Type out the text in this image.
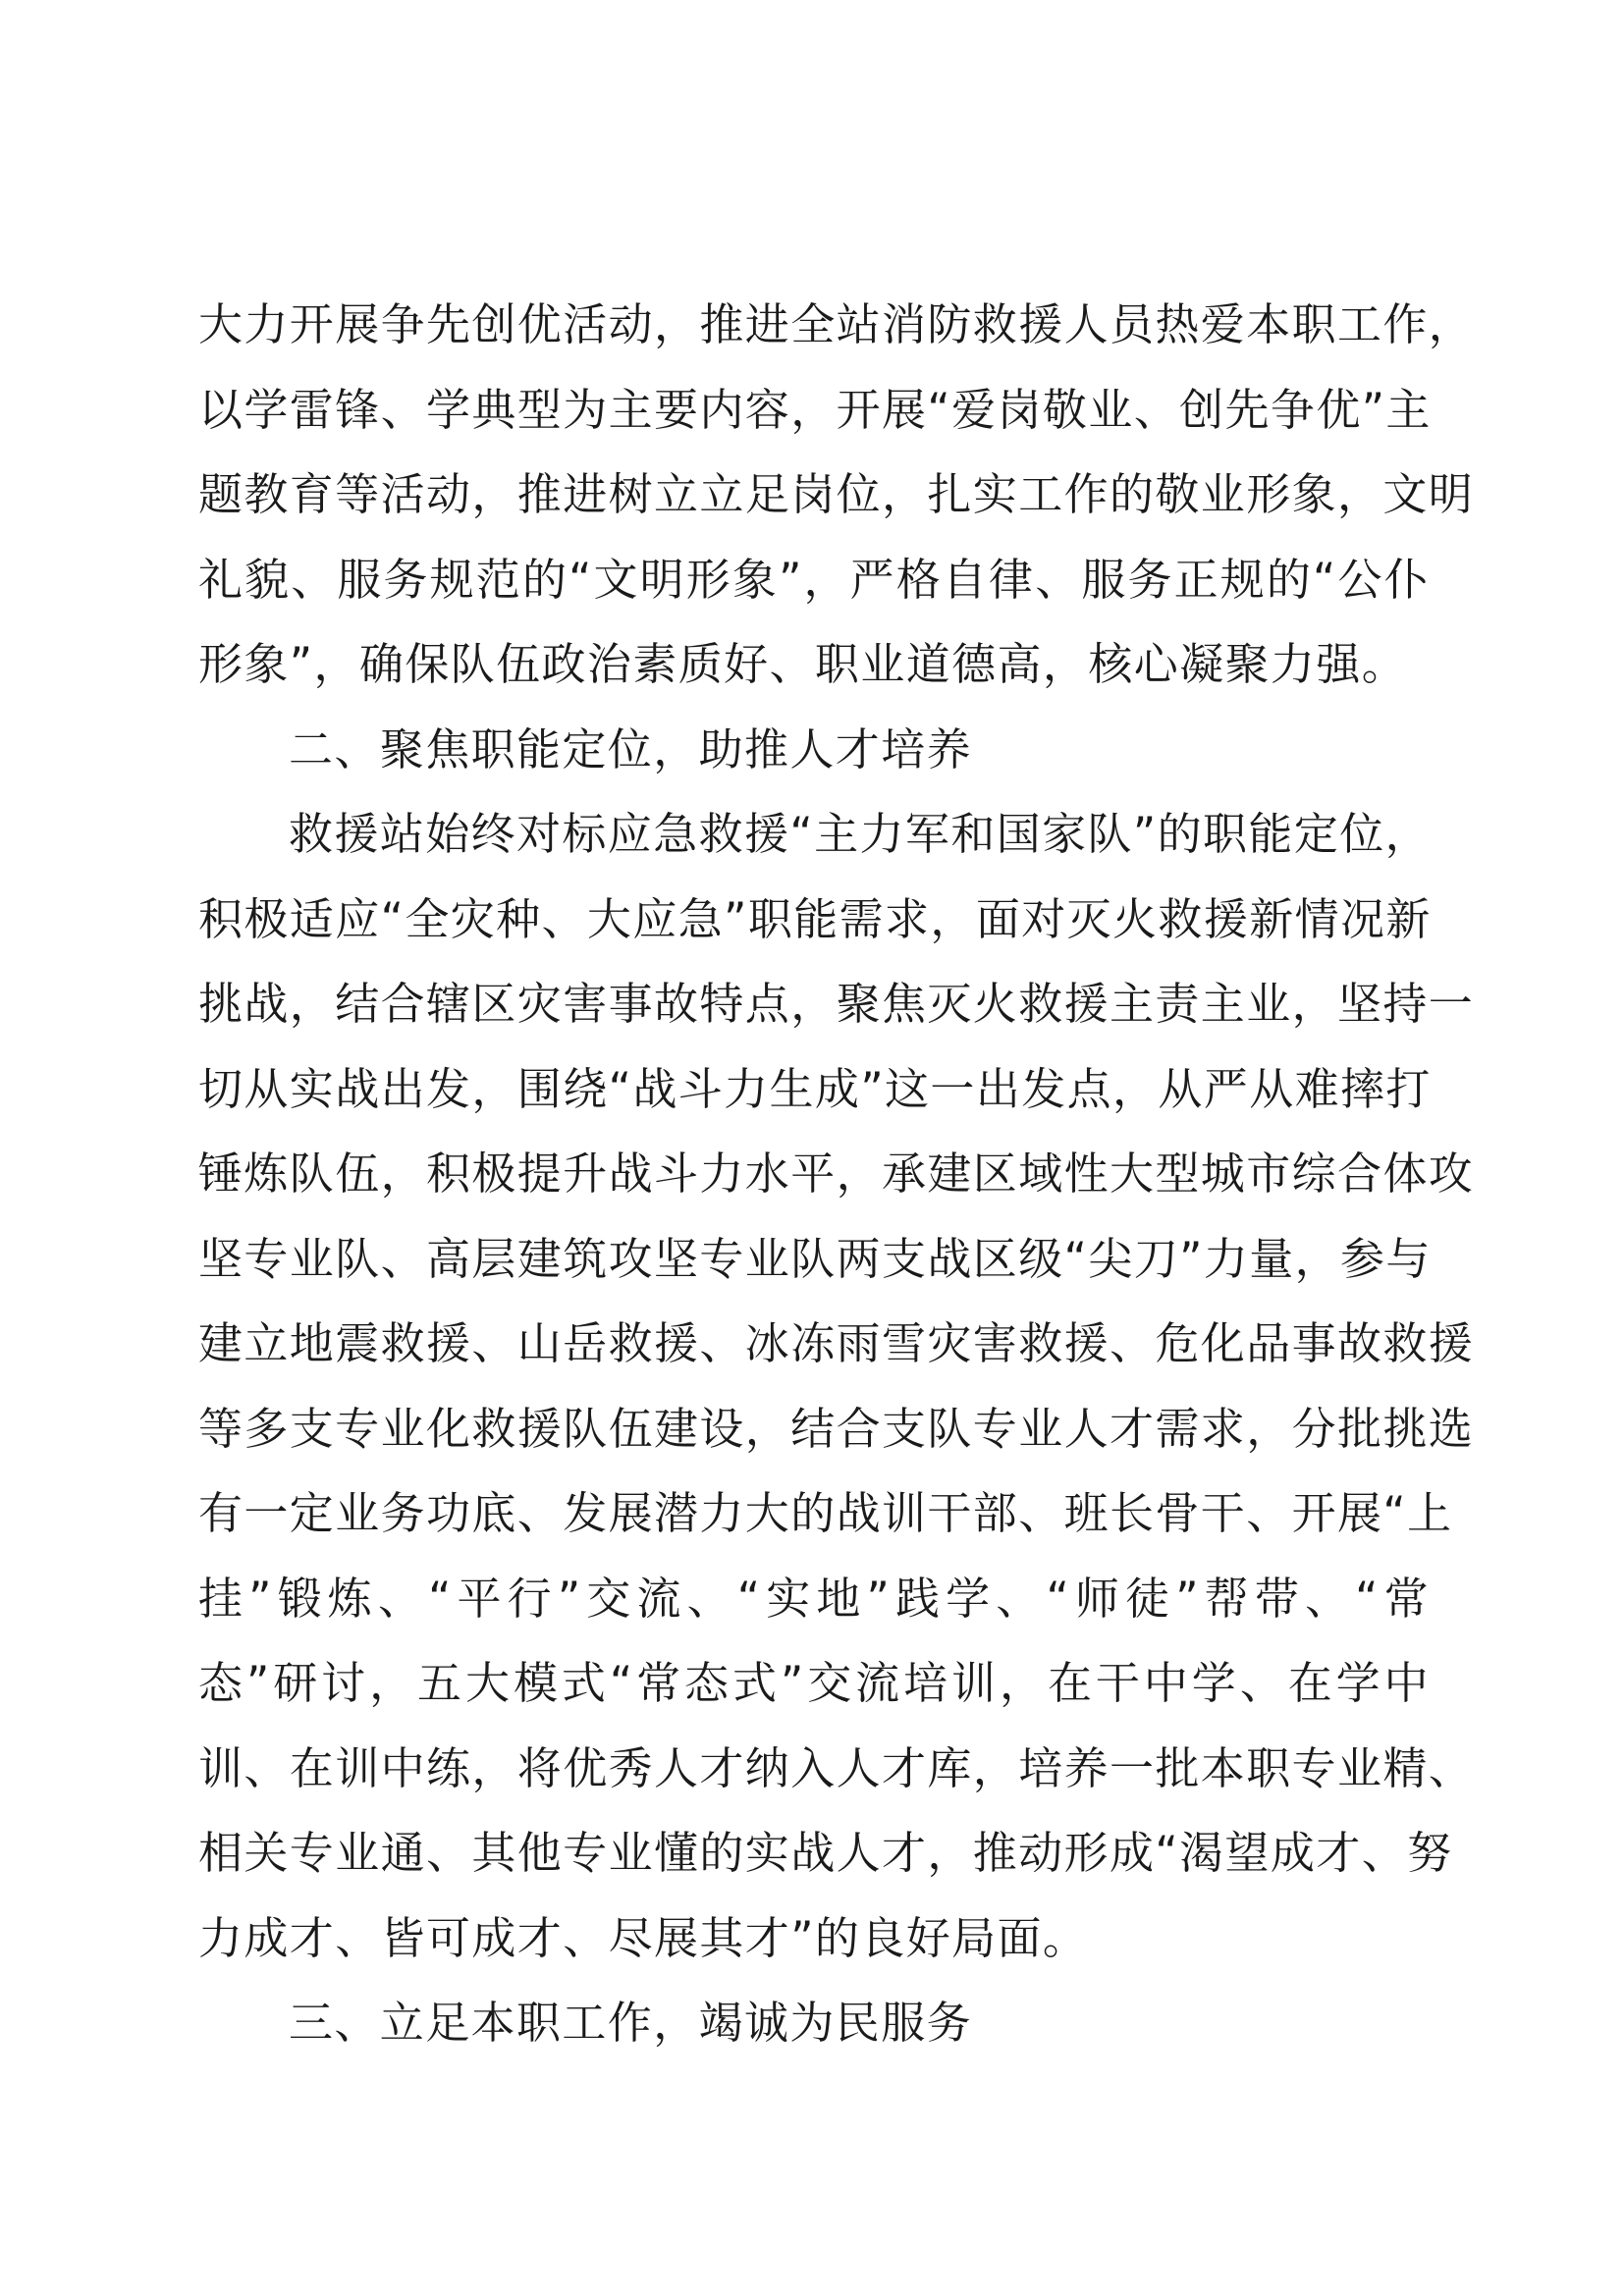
大力开展争先创优活动，推进全站消防救援人员热爱本职工作，
以学雷锋、学典型为主要内容，开展“爱岗敬业、创先争优”主
题教育等活动，推进树立立足岗位，扎实工作的敬业形象，文明
礼貌、服务规范的“文明形象”，严格自律、服务正规的“公仆
形象”，确保队伍政治素质好、职业道德高，核心凝聚力强。
二、聚焦职能定位，助推人才培养
救援站始终对标应急救援“主力军和国家队”的职能定位，
积极适应“全灾种、大应急”职能需求，面对灭火救援新情况新
挑战，结合辖区灾害事故特点，聚焦灭火救援主责主业，坚持一
切从实战出发，围绕“战斗力生成”这一出发点，从严从难摔打
锤炼队伍，积极提升战斗力水平，承建区域性大型城市综合体攻
坚专业队、高层建筑攻坚专业队两支战区级“尖刀”力量，参与
建立地震救援、山岳救援、冰冻雨雪灾害救援、危化品事故救援
等多支专业化救援队伍建设，结合支队专业人才需求，分批挑选
有一定业务功底、发展潜力大的战训干部、班长骨干、开展“上
挂”锻炼、“平行”交流、“实地”践学、“师徒”帮带、“常
态”研讨，五大模式“常态式”交流培训，在干中学、在学中
训、在训中练，将优秀人才纳入人才库，培养一批本职专业精、
相关专业通、其他专业懂的实战人才，推动形成“渴望成才、努
力成才、皆可成才、尽展其才”的良好局面。
三、立足本职工作，竭诚为民服务
